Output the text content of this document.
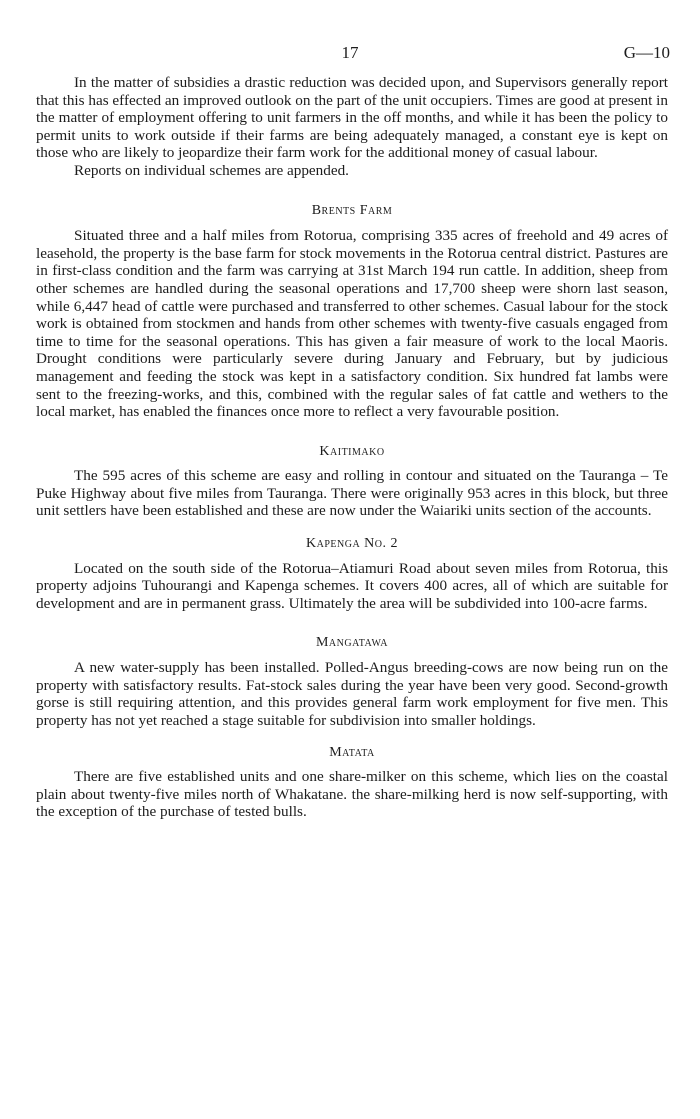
17	G—10

In the matter of subsidies a drastic reduction was decided upon, and Supervisors generally report that this has effected an improved outlook on the part of the unit occupiers. Times are good at present in the matter of employment offering to unit farmers in the off months, and while it has been the policy to permit units to work outside if their farms are being adequately managed, a constant eye is kept on those who are likely to jeopardize their farm work for the additional money of casual labour.

Reports on individual schemes are appended.

Brents Farm

Situated three and a half miles from Rotorua, comprising 335 acres of freehold and 49 acres of leasehold, the property is the base farm for stock movements in the Rotorua central district. Pastures are in first-class condition and the farm was carrying at 31st March 194 run cattle. In addition, sheep from other schemes are handled during the seasonal operations and 17,700 sheep were shorn last season, while 6,447 head of cattle were purchased and transferred to other schemes. Casual labour for the stock work is obtained from stockmen and hands from other schemes with twenty-five casuals engaged from time to time for the seasonal operations. This has given a fair measure of work to the local Maoris. Drought conditions were particularly severe during January and February, but by judicious management and feeding the stock was kept in a satisfactory condition. Six hundred fat lambs were sent to the freezing-works, and this, combined with the regular sales of fat cattle and wethers to the local market, has enabled the finances once more to reflect a very favourable position.

Kaitimako

The 595 acres of this scheme are easy and rolling in contour and situated on the Tauranga – Te Puke Highway about five miles from Tauranga. There were originally 953 acres in this block, but three unit settlers have been established and these are now under the Waiariki units section of the accounts.

Kapenga No. 2

Located on the south side of the Rotorua–Atiamuri Road about seven miles from Rotorua, this property adjoins Tuhourangi and Kapenga schemes. It covers 400 acres, all of which are suitable for development and are in permanent grass. Ultimately the area will be subdivided into 100-acre farms.

Mangatawa

A new water-supply has been installed. Polled-Angus breeding-cows are now being run on the property with satisfactory results. Fat-stock sales during the year have been very good. Second-growth gorse is still requiring attention, and this provides general farm work employment for five men. This property has not yet reached a stage suitable for subdivision into smaller holdings.

Matata

There are five established units and one share-milker on this scheme, which lies on the coastal plain about twenty-five miles north of Whakatane. the share-milking herd is now self-supporting, with the exception of the purchase of tested bulls.
